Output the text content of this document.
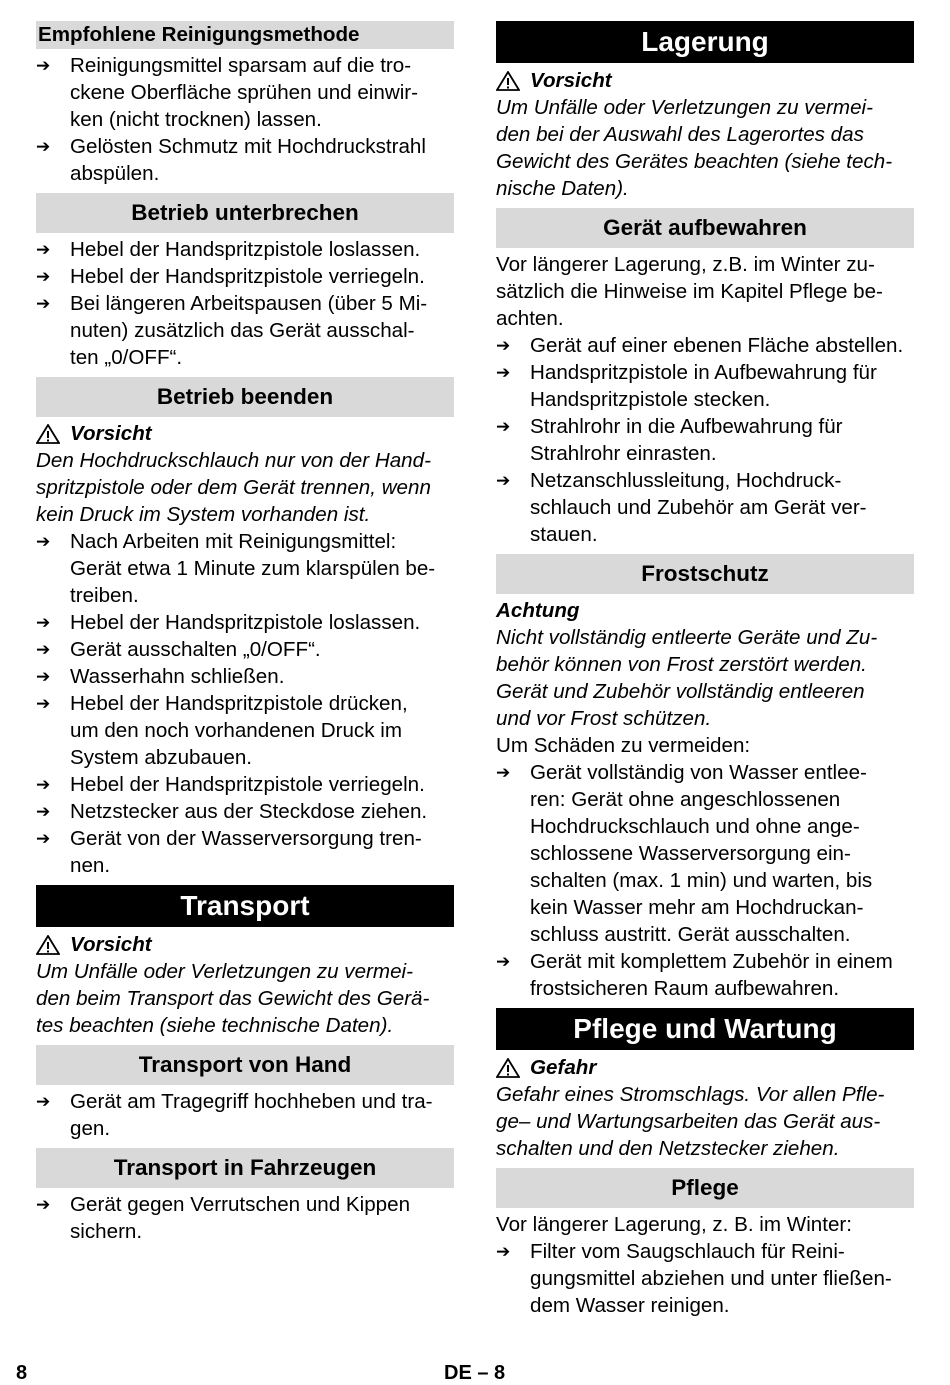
Empfohlene Reinigungsmethode
➔ Reinigungsmittel sparsam auf die tro-
ckene Oberfläche sprühen und einwir-
ken (nicht trocknen) lassen.
➔ Gelösten Schmutz mit Hochdruckstrahl
abspülen.
Betrieb unterbrechen
➔ Hebel der Handspritzpistole loslassen.
➔ Hebel der Handspritzpistole verriegeln.
➔ Bei längeren Arbeitspausen (über 5 Mi-
nuten) zusätzlich das Gerät ausschal-
ten „0/OFF“.
Betrieb beenden
Vorsicht
Den Hochdruckschlauch nur von der Hand-
spritzpistole oder dem Gerät trennen, wenn
kein Druck im System vorhanden ist.
➔ Nach Arbeiten mit Reinigungsmittel:
Gerät etwa 1 Minute zum klarspülen be-
treiben.
➔ Hebel der Handspritzpistole loslassen.
➔ Gerät ausschalten „0/OFF“.
➔ Wasserhahn schließen.
➔ Hebel der Handspritzpistole drücken,
um den noch vorhandenen Druck im
System abzubauen.
➔ Hebel der Handspritzpistole verriegeln.
➔ Netzstecker aus der Steckdose ziehen.
➔ Gerät von der Wasserversorgung tren-
nen.
Transport
Vorsicht
Um Unfälle oder Verletzungen zu vermei-
den beim Transport das Gewicht des Gerä-
tes beachten (siehe technische Daten).
Transport von Hand
➔ Gerät am Tragegriff hochheben und tra-
gen.
Transport in Fahrzeugen
➔ Gerät gegen Verrutschen und Kippen
sichern.
Lagerung
Vorsicht
Um Unfälle oder Verletzungen zu vermei-
den bei der Auswahl des Lagerortes das
Gewicht des Gerätes beachten (siehe tech-
nische Daten).
Gerät aufbewahren
Vor längerer Lagerung, z.B. im Winter zu-
sätzlich die Hinweise im Kapitel Pflege be-
achten.
➔ Gerät auf einer ebenen Fläche abstellen.
➔ Handspritzpistole in Aufbewahrung für
Handspritzpistole stecken.
➔ Strahlrohr in die Aufbewahrung für
Strahlrohr einrasten.
➔ Netzanschlussleitung, Hochdruck-
schlauch und Zubehör am Gerät ver-
stauen.
Frostschutz
Achtung
Nicht vollständig entleerte Geräte und Zu-
behör können von Frost zerstört werden.
Gerät und Zubehör vollständig entleeren
und vor Frost schützen.
Um Schäden zu vermeiden:
➔ Gerät vollständig von Wasser entlee-
ren: Gerät ohne angeschlossenen
Hochdruckschlauch und ohne ange-
schlossene Wasserversorgung ein-
schalten (max. 1 min) und warten, bis
kein Wasser mehr am Hochdruckan-
schluss austritt. Gerät ausschalten.
➔ Gerät mit komplettem Zubehör in einem
frostsicheren Raum aufbewahren.
Pflege und Wartung
Gefahr
Gefahr eines Stromschlags. Vor allen Pfle-
ge– und Wartungsarbeiten das Gerät aus-
schalten und den Netzstecker ziehen.
Pflege
Vor längerer Lagerung, z. B. im Winter:
➔ Filter vom Saugschlauch für Reini-
gungsmittel abziehen und unter fließen-
dem Wasser reinigen.
8	DE – 8
